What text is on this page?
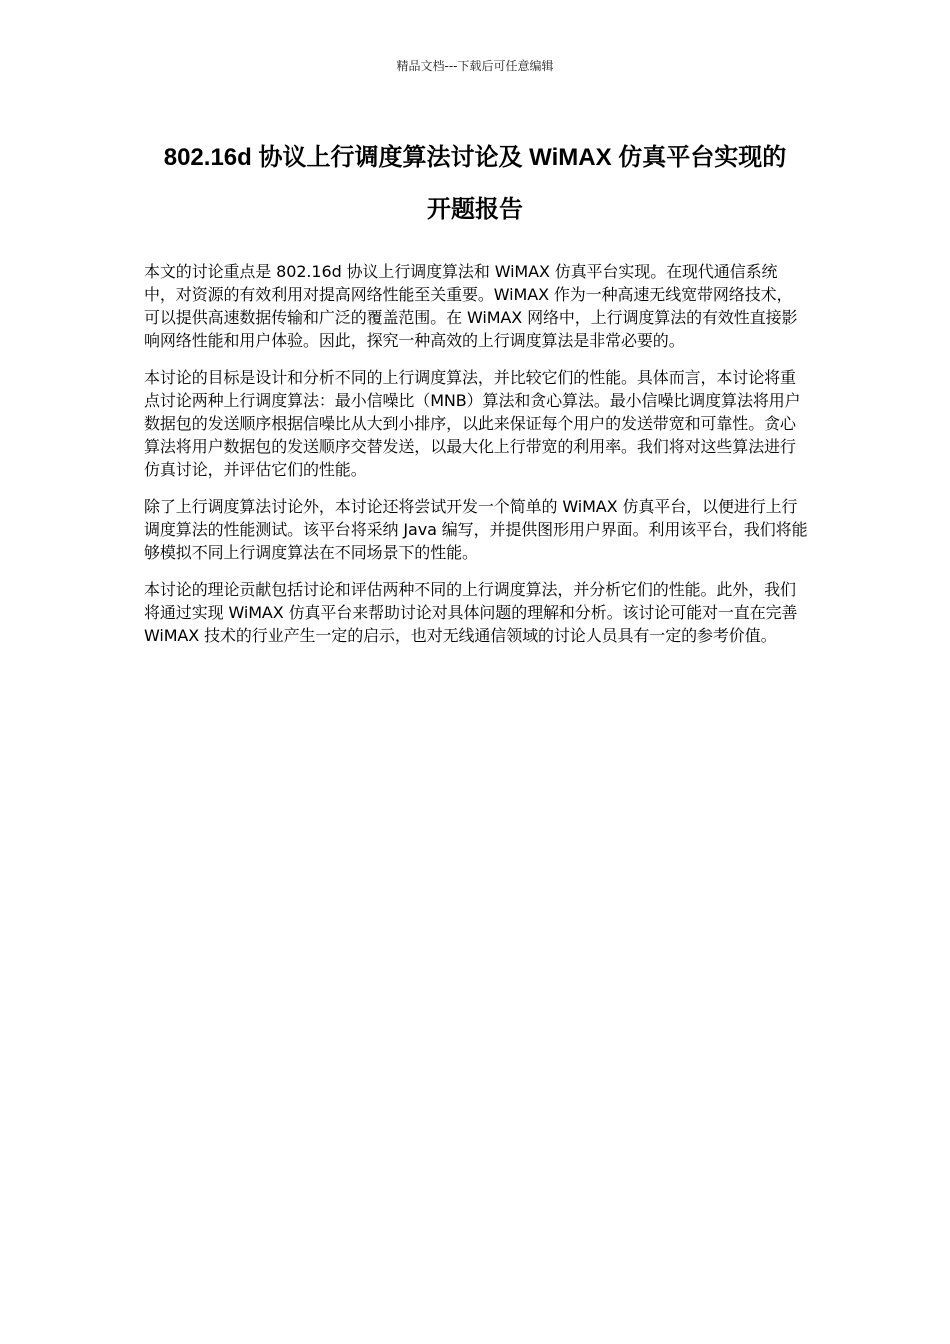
精品文档---下载后可任意编辑
802.16d 协议上行调度算法讨论及 WiMAX 仿真平台实现的
开题报告

本文的讨论重点是 802.16d 协议上行调度算法和 WiMAX 仿真平台实现。在现代通信系统中，对资源的有效利用对提高网络性能至关重要。WiMAX 作为一种高速无线宽带网络技术，可以提供高速数据传输和广泛的覆盖范围。在 WiMAX 网络中，上行调度算法的有效性直接影响网络性能和用户体验。因此，探究一种高效的上行调度算法是非常必要的。

本讨论的目标是设计和分析不同的上行调度算法，并比较它们的性能。具体而言，本讨论将重点讨论两种上行调度算法：最小信噪比（MNB）算法和贪心算法。最小信噪比调度算法将用户数据包的发送顺序根据信噪比从大到小排序，以此来保证每个用户的发送带宽和可靠性。贪心算法将用户数据包的发送顺序交替发送，以最大化上行带宽的利用率。我们将对这些算法进行仿真讨论，并评估它们的性能。

除了上行调度算法讨论外，本讨论还将尝试开发一个简单的 WiMAX 仿真平台，以便进行上行调度算法的性能测试。该平台将采纳 Java 编写，并提供图形用户界面。利用该平台，我们将能够模拟不同上行调度算法在不同场景下的性能。

本讨论的理论贡献包括讨论和评估两种不同的上行调度算法，并分析它们的性能。此外，我们将通过实现 WiMAX 仿真平台来帮助讨论对具体问题的理解和分析。该讨论可能对一直在完善 WiMAX 技术的行业产生一定的启示，也对无线通信领域的讨论人员具有一定的参考价值。
